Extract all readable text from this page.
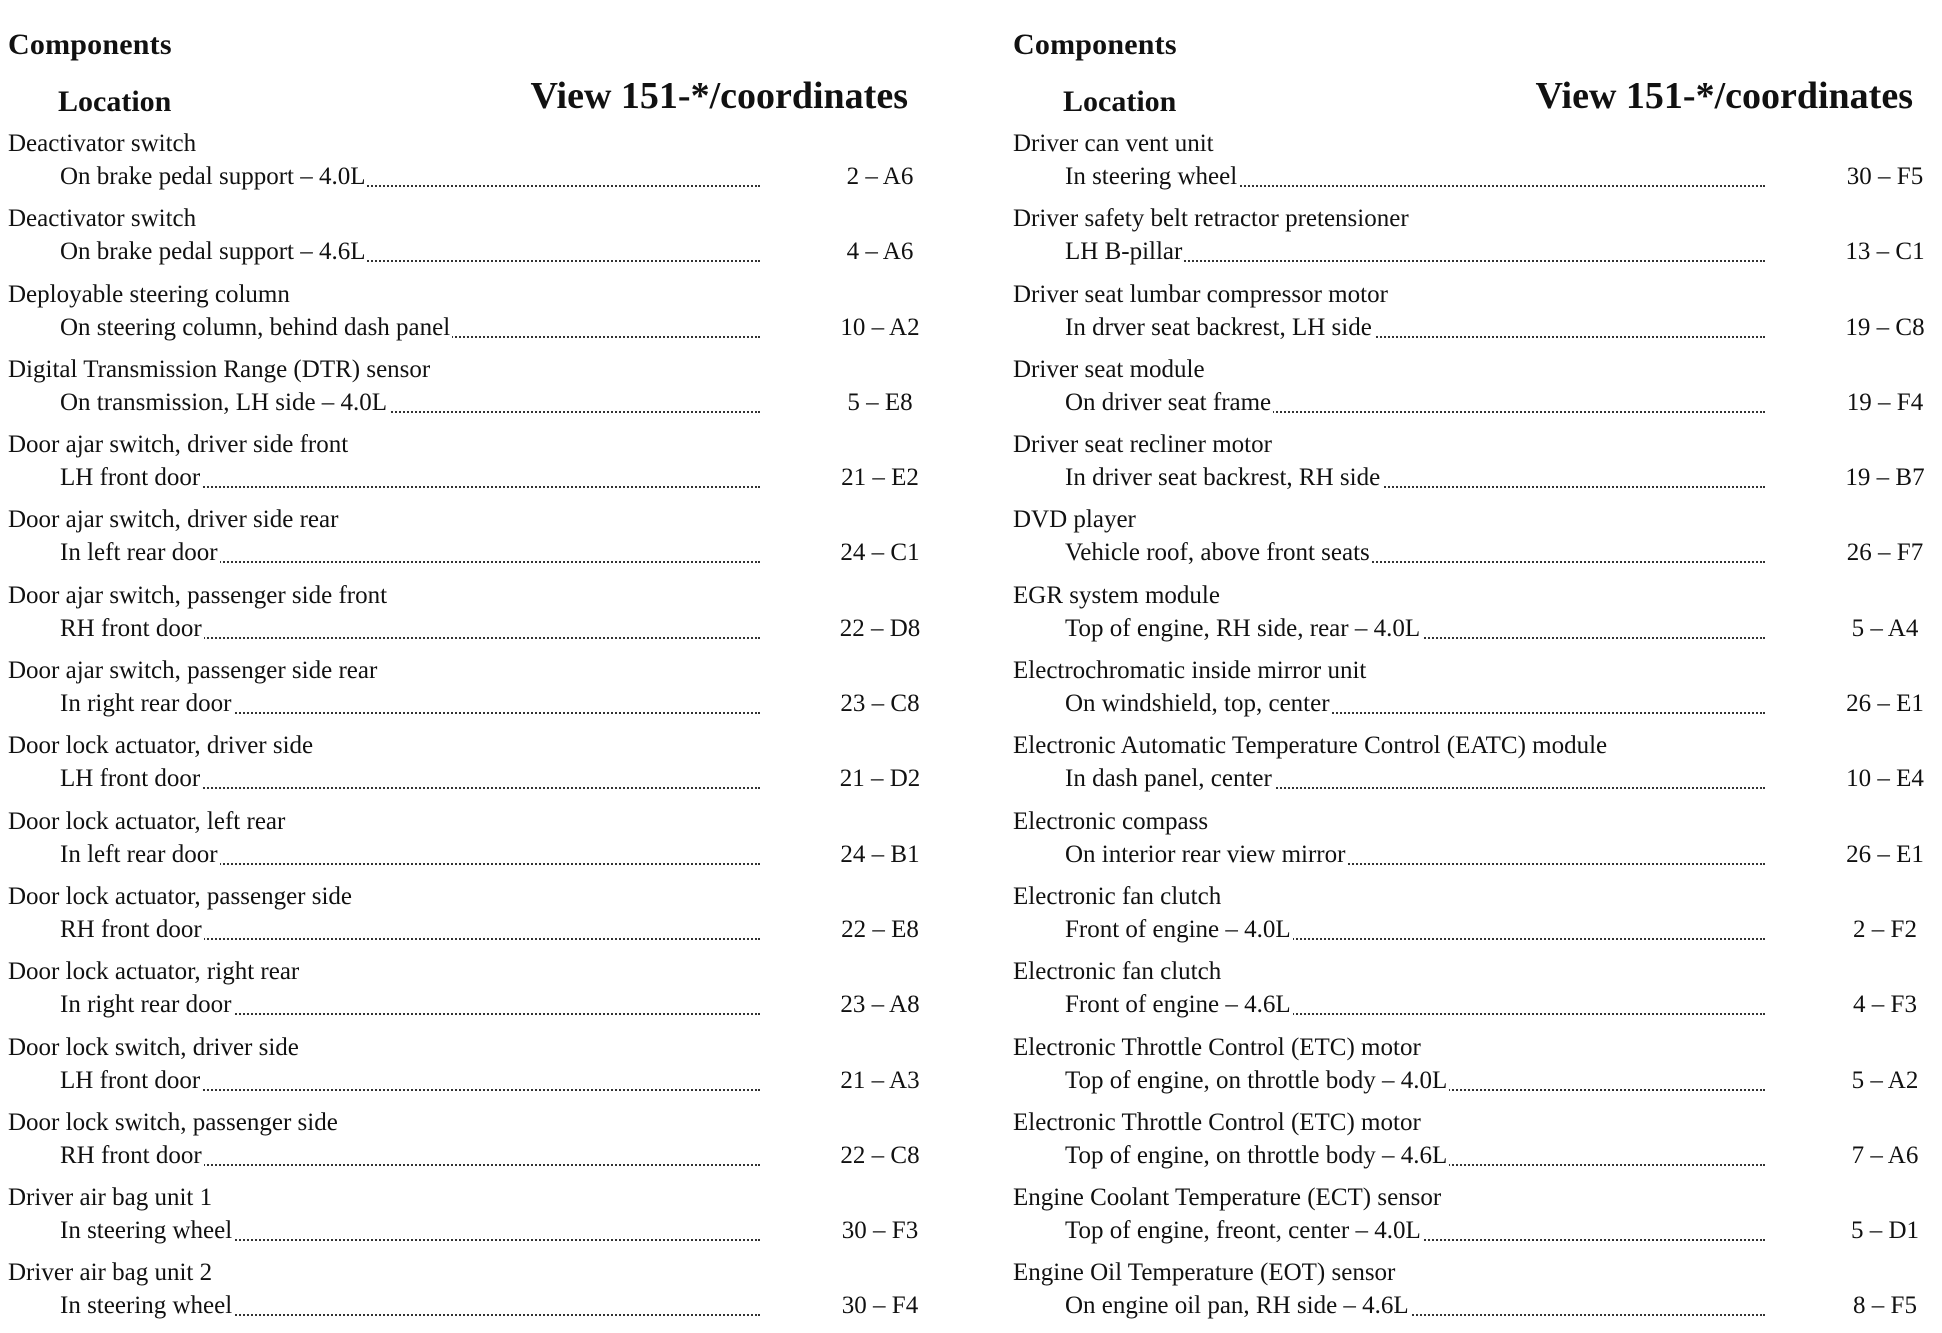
Components
Location	View 151-*/coordinates
Deactivator switch
On brake pedal support – 4.0L	2 – A6
Deactivator switch
On brake pedal support – 4.6L	4 – A6
Deployable steering column
On steering column, behind dash panel	10 – A2
Digital Transmission Range (DTR) sensor
On transmission, LH side – 4.0L	5 – E8
Door ajar switch, driver side front
LH front door	21 – E2
Door ajar switch, driver side rear
In left rear door	24 – C1
Door ajar switch, passenger side front
RH front door	22 – D8
Door ajar switch, passenger side rear
In right rear door	23 – C8
Door lock actuator, driver side
LH front door	21 – D2
Door lock actuator, left rear
In left rear door	24 – B1
Door lock actuator, passenger side
RH front door	22 – E8
Door lock actuator, right rear
In right rear door	23 – A8
Door lock switch, driver side
LH front door	21 – A3
Door lock switch, passenger side
RH front door	22 – C8
Driver air bag unit 1
In steering wheel	30 – F3
Driver air bag unit 2
In steering wheel	30 – F4
Components
Location	View 151-*/coordinates
Driver can vent unit
In steering wheel	30 – F5
Driver safety belt retractor pretensioner
LH B-pillar	13 – C1
Driver seat lumbar compressor motor
In drver seat backrest, LH side	19 – C8
Driver seat module
On driver seat frame	19 – F4
Driver seat recliner motor
In driver seat backrest, RH side	19 – B7
DVD player
Vehicle roof, above front seats	26 – F7
EGR system module
Top of engine, RH side, rear – 4.0L	5 – A4
Electrochromatic inside mirror unit
On windshield, top, center	26 – E1
Electronic Automatic Temperature Control (EATC) module
In dash panel, center	10 – E4
Electronic compass
On interior rear view mirror	26 – E1
Electronic fan clutch
Front of engine – 4.0L	2 – F2
Electronic fan clutch
Front of engine – 4.6L	4 – F3
Electronic Throttle Control (ETC) motor
Top of engine, on throttle body – 4.0L	5 – A2
Electronic Throttle Control (ETC) motor
Top of engine, on throttle body – 4.6L	7 – A6
Engine Coolant Temperature (ECT) sensor
Top of engine, freont, center – 4.0L	5 – D1
Engine Oil Temperature (EOT) sensor
On engine oil pan, RH side – 4.6L	8 – F5
